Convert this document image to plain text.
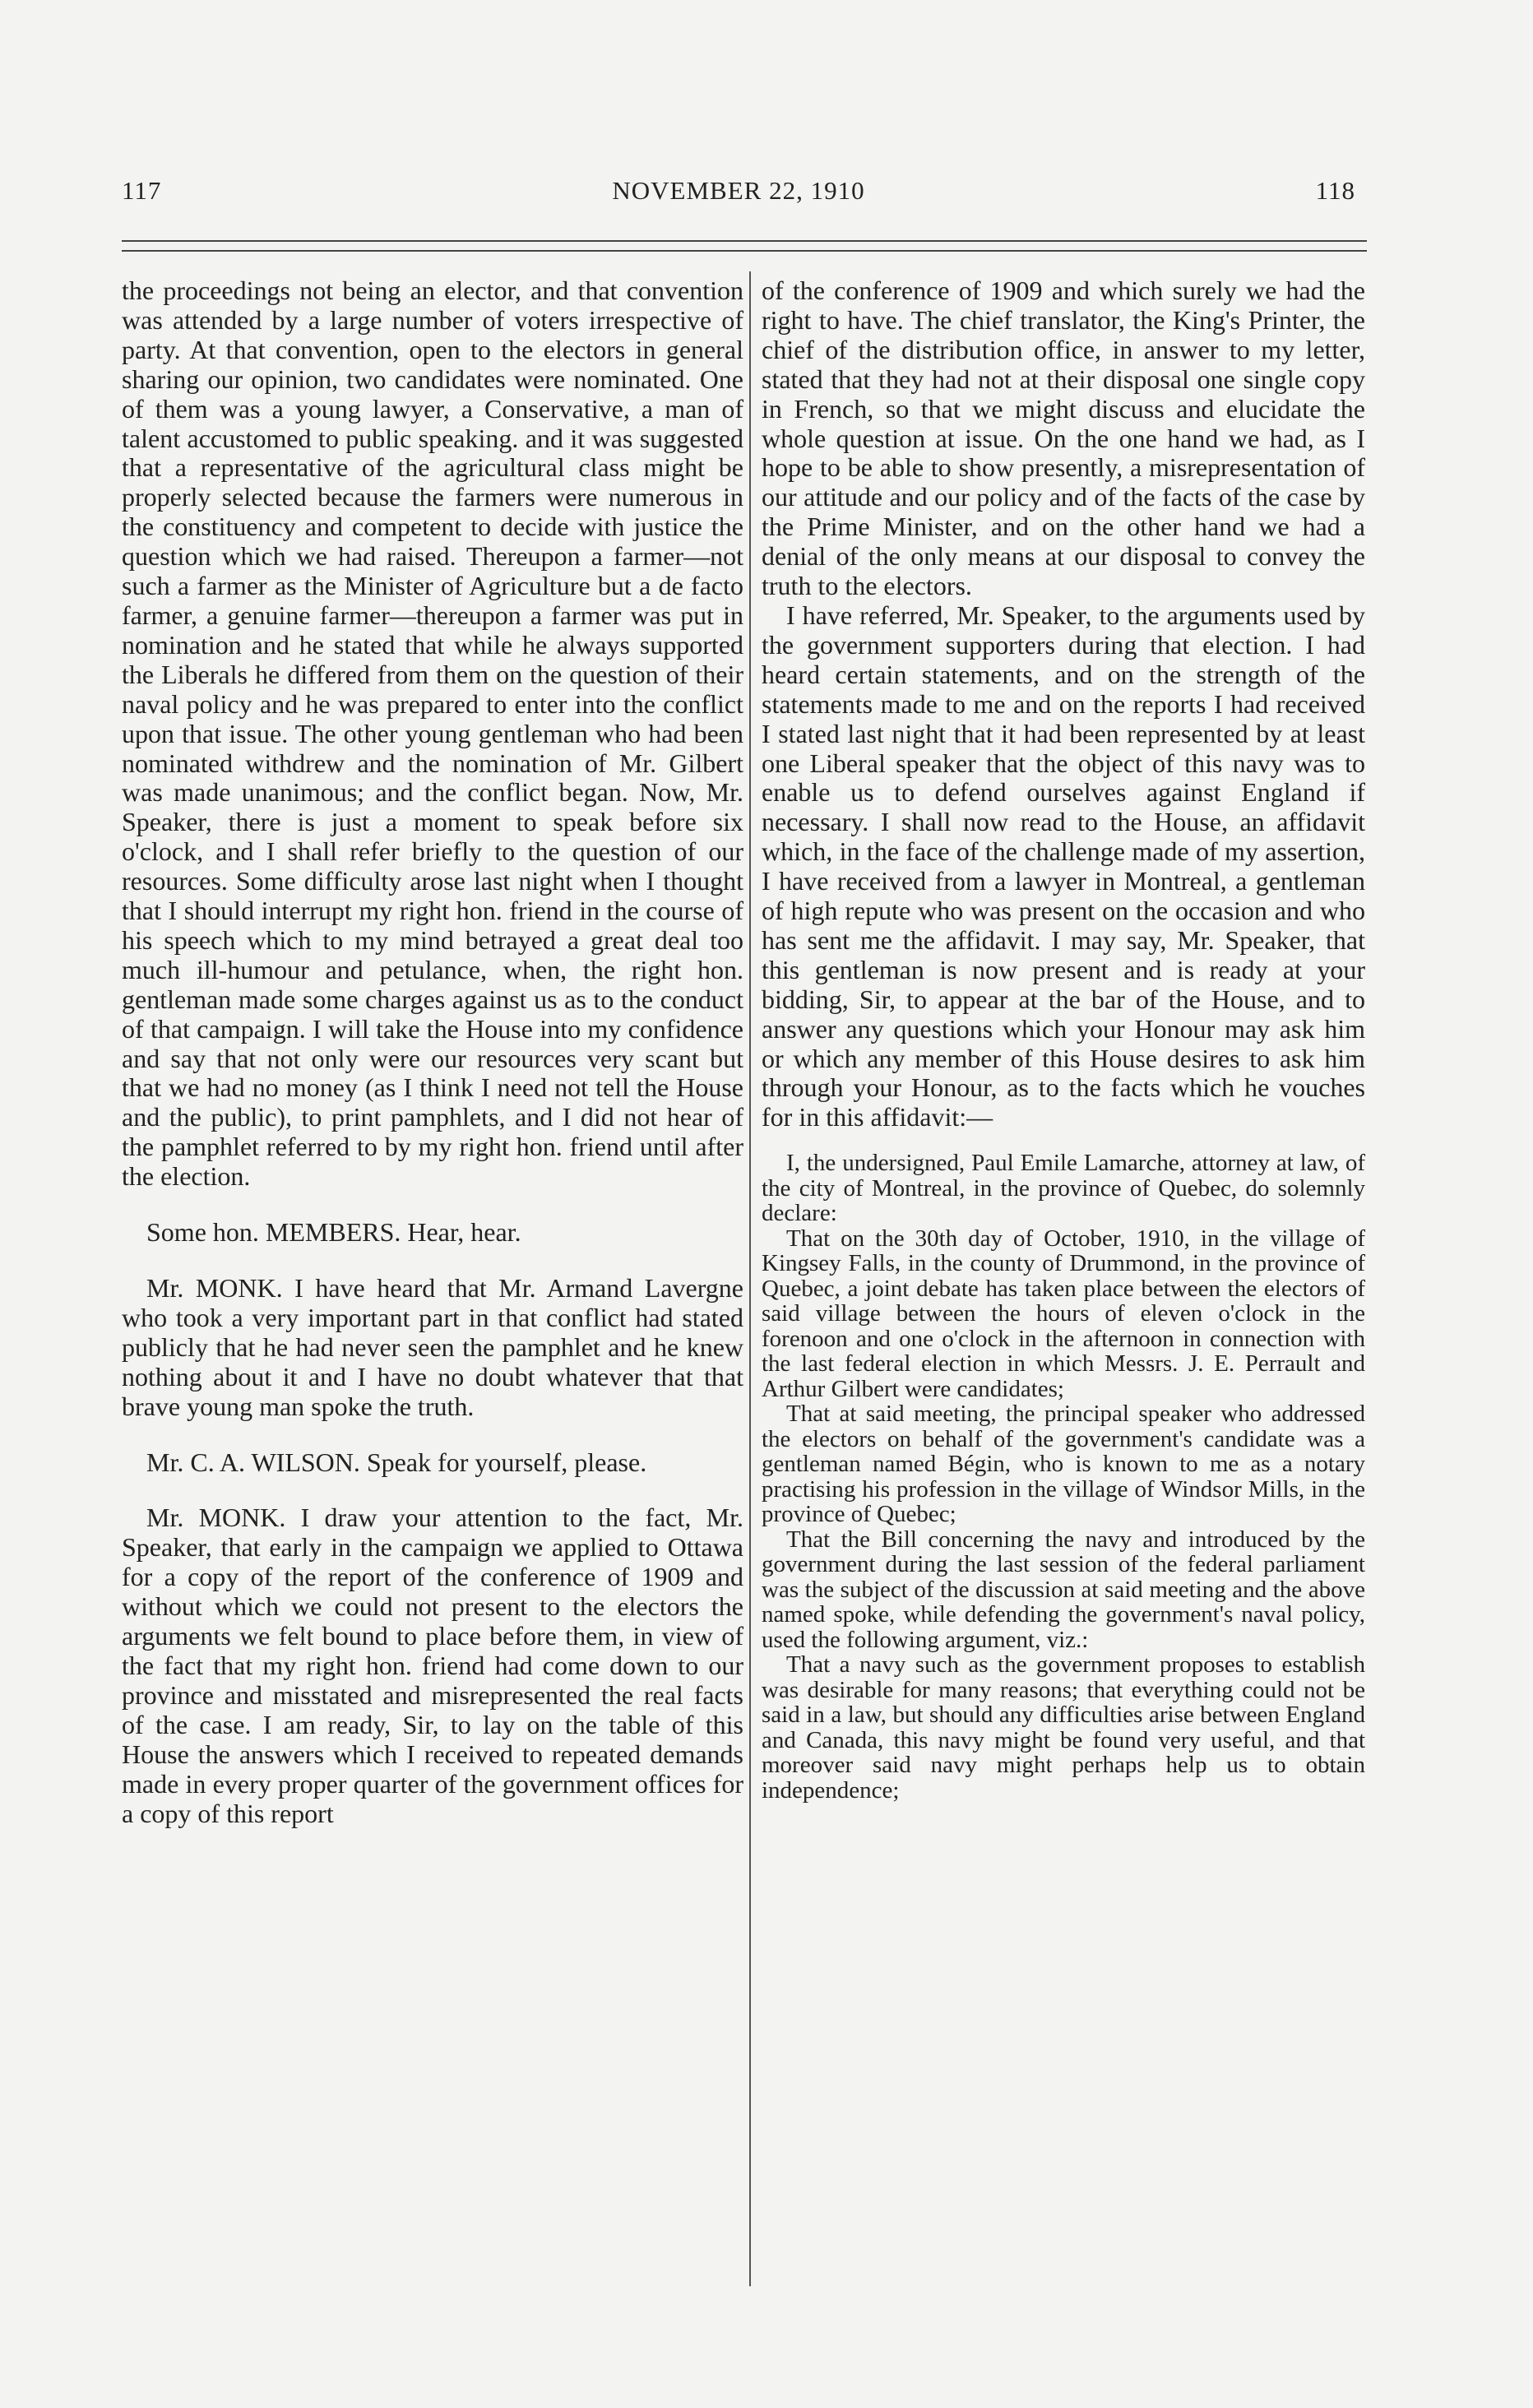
117	NOVEMBER 22, 1910	118

the proceedings not being an elector, and that convention was attended by a large number of voters irrespective of party. At that convention, open to the electors in general sharing our opinion, two candidates were nominated. One of them was a young lawyer, a Conservative, a man of talent accustomed to public speaking. and it was suggested that a representative of the agricultural class might be properly selected because the farmers were numerous in the constituency and competent to decide with justice the question which we had raised. Thereupon a farmer—not such a farmer as the Minister of Agriculture but a de facto farmer, a genuine farmer—thereupon a farmer was put in nomination and he stated that while he always supported the Liberals he differed from them on the question of their naval policy and he was prepared to enter into the conflict upon that issue. The other young gentleman who had been nominated withdrew and the nomination of Mr. Gilbert was made unanimous; and the conflict began. Now, Mr. Speaker, there is just a moment to speak before six o'clock, and I shall refer briefly to the question of our resources. Some difficulty arose last night when I thought that I should interrupt my right hon. friend in the course of his speech which to my mind betrayed a great deal too much ill-humour and petulance, when, the right hon. gentleman made some charges against us as to the conduct of that campaign. I will take the House into my confidence and say that not only were our resources very scant but that we had no money (as I think I need not tell the House and the public), to print pamphlets, and I did not hear of the pamphlet referred to by my right hon. friend until after the election.

Some hon. MEMBERS. Hear, hear.

Mr. MONK. I have heard that Mr. Armand Lavergne who took a very important part in that conflict had stated publicly that he had never seen the pamphlet and he knew nothing about it and I have no doubt whatever that that brave young man spoke the truth.

Mr. C. A. WILSON. Speak for yourself, please.

Mr. MONK. I draw your attention to the fact, Mr. Speaker, that early in the campaign we applied to Ottawa for a copy of the report of the conference of 1909 and without which we could not present to the electors the arguments we felt bound to place before them, in view of the fact that my right hon. friend had come down to our province and misstated and misrepresented the real facts of the case. I am ready, Sir, to lay on the table of this House the answers which I received to repeated demands made in every proper quarter of the government offices for a copy of this report

of the conference of 1909 and which surely we had the right to have. The chief translator, the King's Printer, the chief of the distribution office, in answer to my letter, stated that they had not at their disposal one single copy in French, so that we might discuss and elucidate the whole question at issue. On the one hand we had, as I hope to be able to show presently, a misrepresentation of our attitude and our policy and of the facts of the case by the Prime Minister, and on the other hand we had a denial of the only means at our disposal to convey the truth to the electors.

I have referred, Mr. Speaker, to the arguments used by the government supporters during that election. I had heard certain statements, and on the strength of the statements made to me and on the reports I had received I stated last night that it had been represented by at least one Liberal speaker that the object of this navy was to enable us to defend ourselves against England if necessary. I shall now read to the House, an affidavit which, in the face of the challenge made of my assertion, I have received from a lawyer in Montreal, a gentleman of high repute who was present on the occasion and who has sent me the affidavit. I may say, Mr. Speaker, that this gentleman is now present and is ready at your bidding, Sir, to appear at the bar of the House, and to answer any questions which your Honour may ask him or which any member of this House desires to ask him through your Honour, as to the facts which he vouches for in this affidavit:—

I, the undersigned, Paul Emile Lamarche, attorney at law, of the city of Montreal, in the province of Quebec, do solemnly declare:

That on the 30th day of October, 1910, in the village of Kingsey Falls, in the county of Drummond, in the province of Quebec, a joint debate has taken place between the electors of said village between the hours of eleven o'clock in the forenoon and one o'clock in the afternoon in connection with the last federal election in which Messrs. J. E. Perrault and Arthur Gilbert were candidates;

That at said meeting, the principal speaker who addressed the electors on behalf of the government's candidate was a gentleman named Bégin, who is known to me as a notary practising his profession in the village of Windsor Mills, in the province of Quebec;

That the Bill concerning the navy and introduced by the government during the last session of the federal parliament was the subject of the discussion at said meeting and the above named spoke, while defending the government's naval policy, used the following argument, viz.:

That a navy such as the government proposes to establish was desirable for many reasons; that everything could not be said in a law, but should any difficulties arise between England and Canada, this navy might be found very useful, and that moreover said navy might perhaps help us to obtain independence;
